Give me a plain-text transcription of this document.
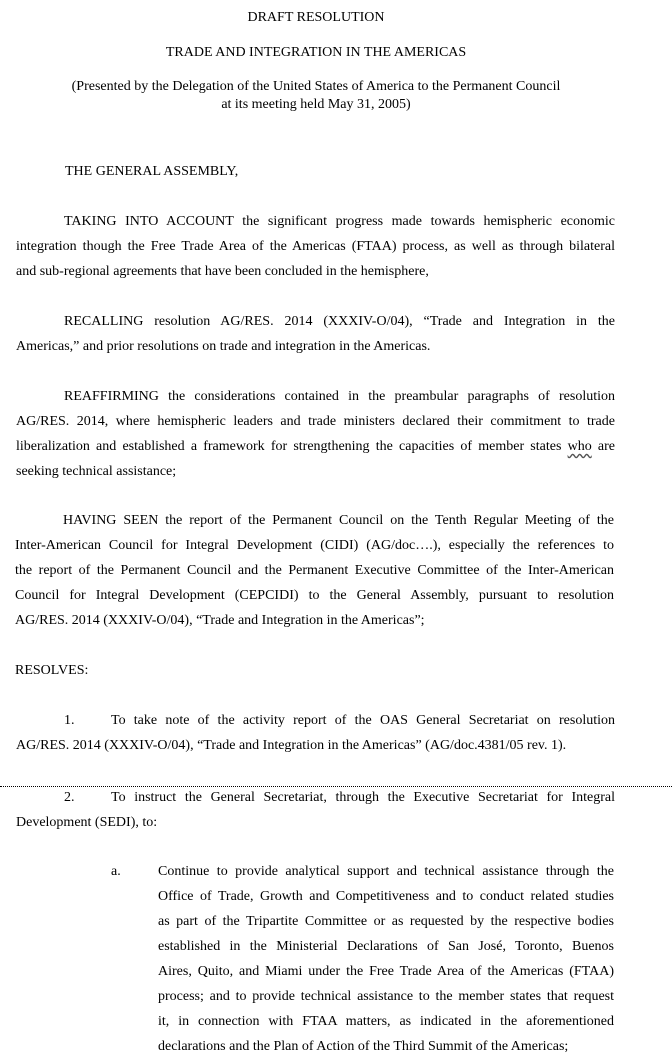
DRAFT RESOLUTION
TRADE AND INTEGRATION IN THE AMERICAS
(Presented by the Delegation of the United States of America to the Permanent Council
at its meeting held May 31, 2005)
THE GENERAL ASSEMBLY,
TAKING INTO ACCOUNT the significant progress made towards hemispheric economic
integration though the Free Trade Area of the Americas (FTAA) process, as well as through bilateral
and sub-regional agreements that have been concluded in the hemisphere,
RECALLING resolution AG/RES. 2014 (XXXIV-O/04), “Trade and Integration in the
Americas,” and prior resolutions on trade and integration in the Americas.
REAFFIRMING the considerations contained in the preambular paragraphs of resolution
AG/RES. 2014, where hemispheric leaders and trade ministers declared their commitment to trade
liberalization and established a framework for strengthening the capacities of member states who are
seeking technical assistance;
HAVING SEEN the report of the Permanent Council on the Tenth Regular Meeting of the
Inter-American Council for Integral Development (CIDI) (AG/doc….), especially the references to
the report of the Permanent Council and the Permanent Executive Committee of the Inter-American
Council for Integral Development (CEPCIDI) to the General Assembly, pursuant to resolution
AG/RES. 2014 (XXXIV-O/04), “Trade and Integration in the Americas”;
RESOLVES:
1.	To take note of the activity report of the OAS General Secretariat on resolution
AG/RES. 2014 (XXXIV-O/04), “Trade and Integration in the Americas” (AG/doc.4381/05 rev. 1).
2.	To instruct the General Secretariat, through the Executive Secretariat for Integral
Development (SEDI), to:
a.	Continue to provide analytical support and technical assistance through the
Office of Trade, Growth and Competitiveness and to conduct related studies
as part of the Tripartite Committee or as requested by the respective bodies
established in the Ministerial Declarations of San José, Toronto, Buenos
Aires, Quito, and Miami under the Free Trade Area of the Americas (FTAA)
process; and to provide technical assistance to the member states that request
it, in connection with FTAA matters, as indicated in the aforementioned
declarations and the Plan of Action of the Third Summit of the Americas;
